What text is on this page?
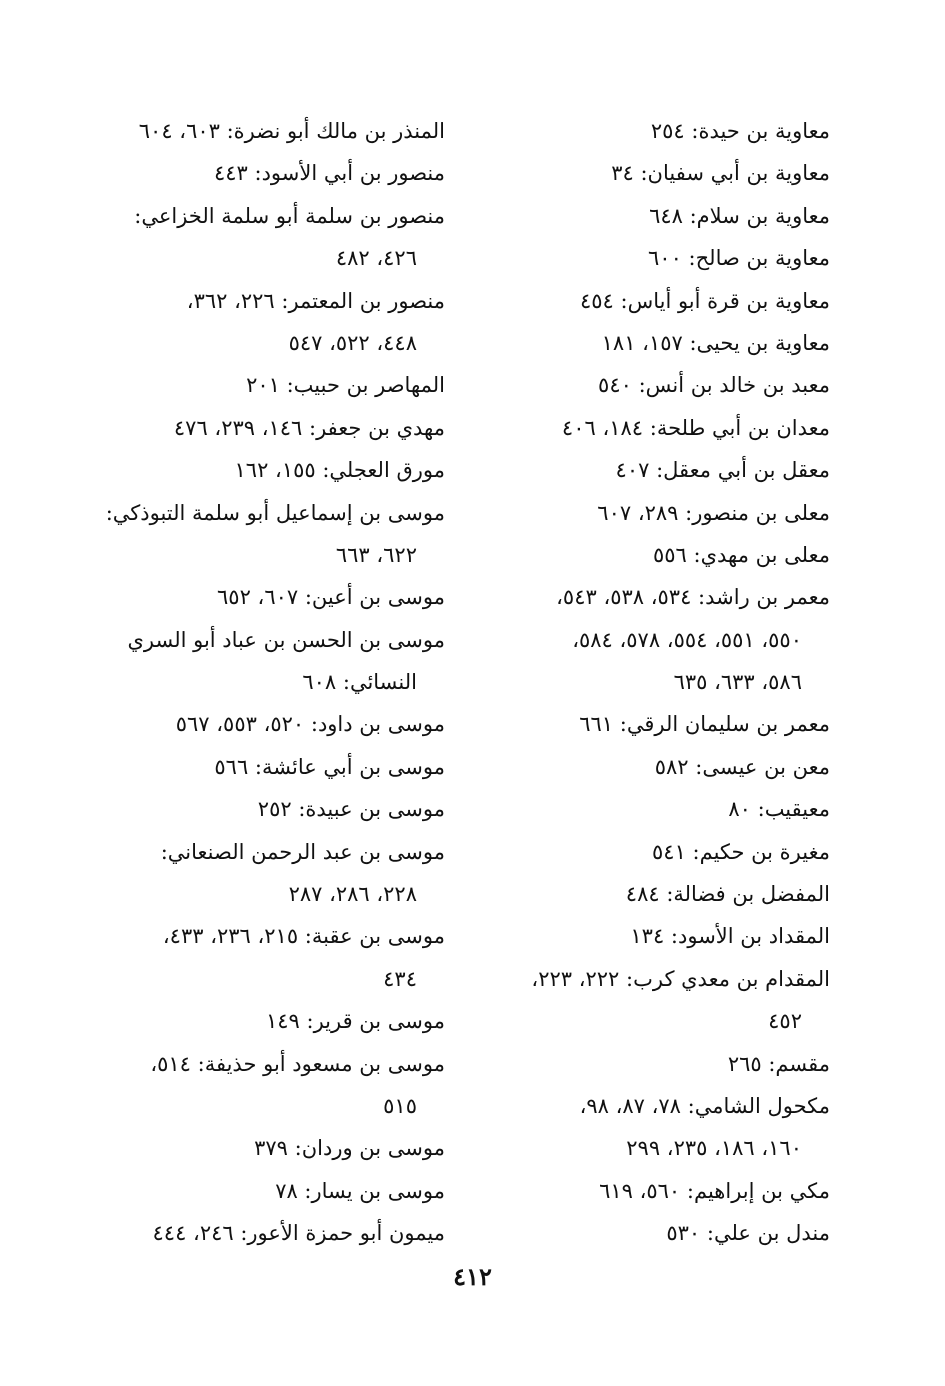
معاوية بن حيدة: ٢٥٤
معاوية بن أبي سفيان: ٣٤
معاوية بن سلام: ٦٤٨
معاوية بن صالح: ٦٠٠
معاوية بن قرة أبو أياس: ٤٥٤
معاوية بن يحيى: ١٥٧، ١٨١
معبد بن خالد بن أنس: ٥٤٠
معدان بن أبي طلحة: ١٨٤، ٤٠٦
معقل بن أبي معقل: ٤٠٧
معلى بن منصور: ٢٨٩، ٦٠٧
معلى بن مهدي: ٥٥٦
معمر بن راشد: ٥٣٤، ٥٣٨، ٥٤٣،
٥٥٠، ٥٥١، ٥٥٤، ٥٧٨، ٥٨٤،
٥٨٦، ٦٣٣، ٦٣٥
معمر بن سليمان الرقي: ٦٦١
معن بن عيسى: ٥٨٢
معيقيب: ٨٠
مغيرة بن حكيم: ٥٤١
المفضل بن فضالة: ٤٨٤
المقداد بن الأسود: ١٣٤
المقدام بن معدي كرب: ٢٢٢، ٢٢٣،
٤٥٢
مقسم: ٢٦٥
مكحول الشامي: ٧٨، ٨٧، ٩٨،
١٦٠، ١٨٦، ٢٣٥، ٢٩٩
مكي بن إبراهيم: ٥٦٠، ٦١٩
مندل بن علي: ٥٣٠
المنذر بن مالك أبو نضرة: ٦٠٣، ٦٠٤
منصور بن أبي الأسود: ٤٤٣
منصور بن سلمة أبو سلمة الخزاعي:
٤٢٦، ٤٨٢
منصور بن المعتمر: ٢٢٦، ٣٦٢،
٤٤٨، ٥٢٢، ٥٤٧
المهاصر بن حبيب: ٢٠١
مهدي بن جعفر: ١٤٦، ٢٣٩، ٤٧٦
مورق العجلي: ١٥٥، ١٦٢
موسى بن إسماعيل أبو سلمة التبوذكي:
٦٢٢، ٦٦٣
موسى بن أعين: ٦٠٧، ٦٥٢
موسى بن الحسن بن عباد أبو السري
النسائي: ٦٠٨
موسى بن داود: ٥٢٠، ٥٥٣، ٥٦٧
موسى بن أبي عائشة: ٥٦٦
موسى بن عبيدة: ٢٥٢
موسى بن عبد الرحمن الصنعاني:
٢٢٨، ٢٨٦، ٢٨٧
موسى بن عقبة: ٢١٥، ٢٣٦، ٤٣٣،
٤٣٤
موسى بن قرير: ١٤٩
موسى بن مسعود أبو حذيفة: ٥١٤،
٥١٥
موسى بن وردان: ٣٧٩
موسى بن يسار: ٧٨
ميمون أبو حمزة الأعور: ٢٤٦، ٤٤٤
٤١٢
